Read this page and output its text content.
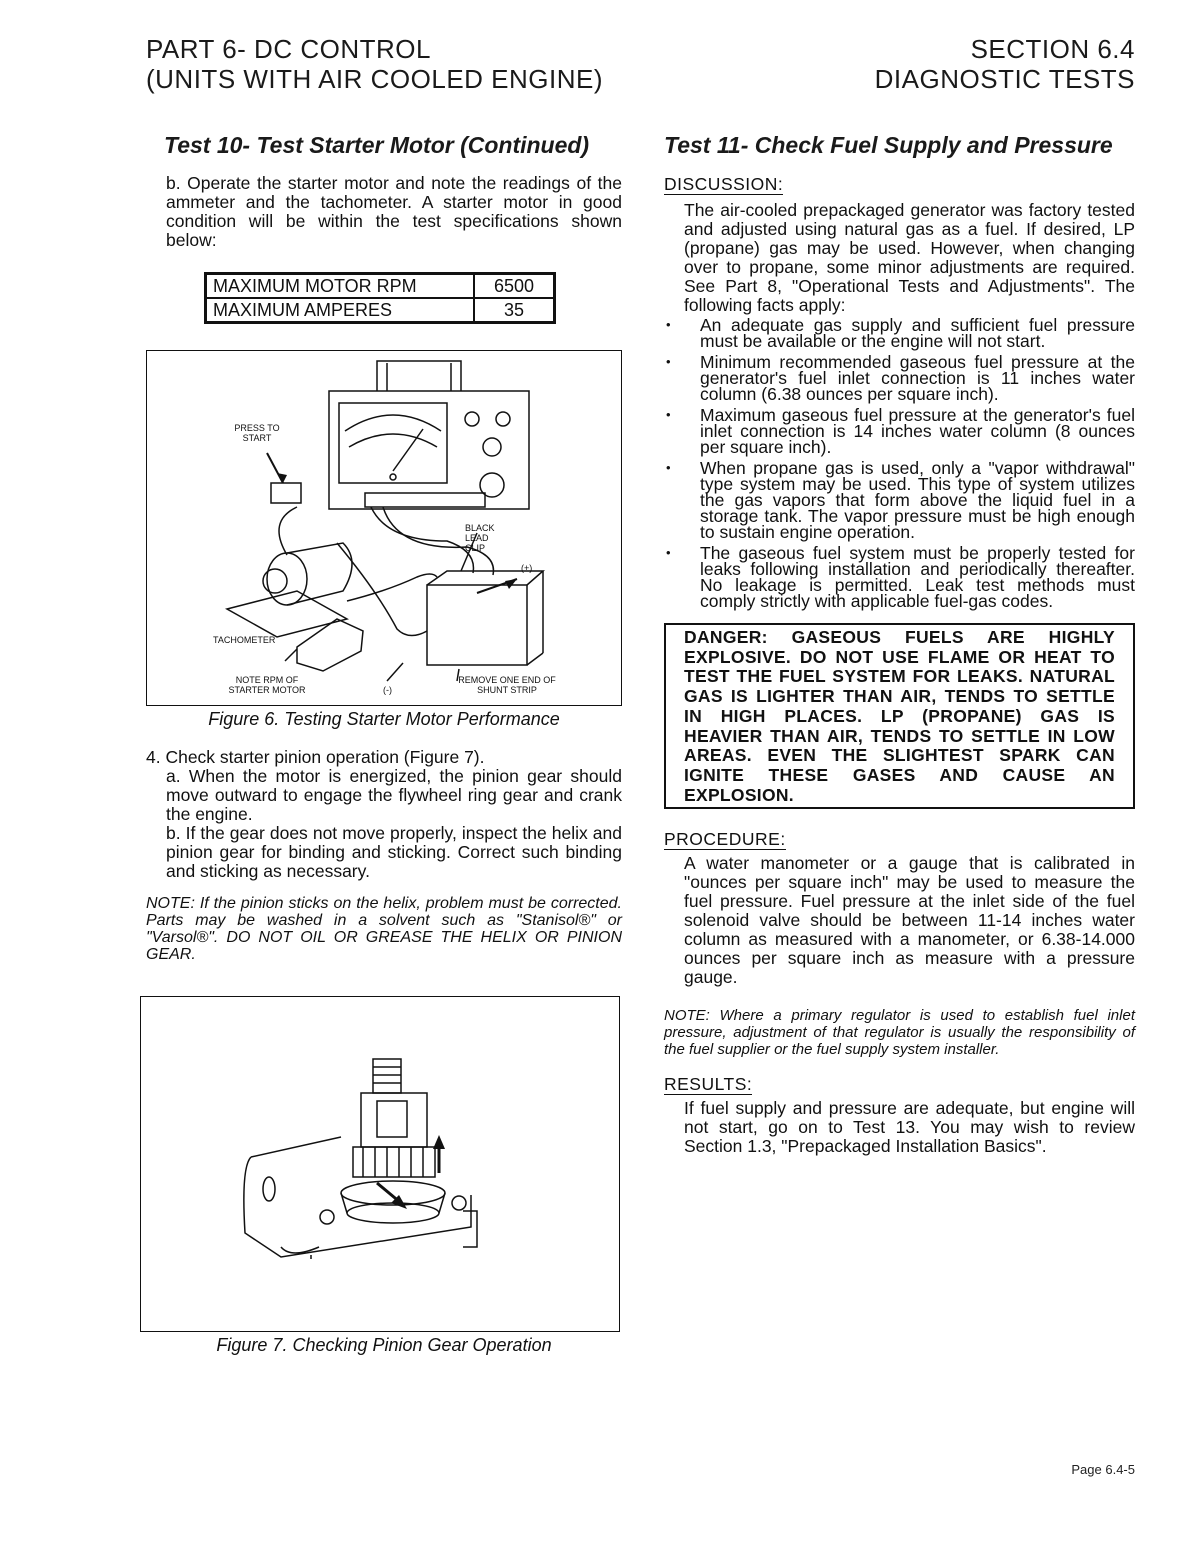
PART 6- DC CONTROL
(UNITS WITH AIR COOLED ENGINE)
SECTION 6.4
DIAGNOSTIC TESTS
Test 10- Test Starter Motor (Continued)

b. Operate the starter motor and note the readings of the ammeter and the tachometer. A starter motor in good condition will be within the test specifications shown below:

MAXIMUM MOTOR RPM	6500
MAXIMUM AMPERES	35
PRESS TO
START
BLACK
LEAD
CLIP
(+)
TACHOMETER
NOTE RPM OF
STARTER MOTOR	(-)
REMOVE ONE END OF
SHUNT STRIP
Figure 6. Testing Starter Motor Performance

4. Check starter pinion operation (Figure 7).

a. When the motor is energized, the pinion gear should move outward to engage the flywheel ring gear and crank the engine.

b. If the gear does not move properly, inspect the helix and pinion gear for binding and sticking. Correct such binding and sticking as necessary.

NOTE: If the pinion sticks on the helix, problem must be corrected. Parts may be washed in a solvent such as "Stanisol®" or "Varsol®". DO NOT OIL OR GREASE THE HELIX OR PINION GEAR.

Figure 7. Checking Pinion Gear Operation
Test 11- Check Fuel Supply and Pressure
DISCUSSION:

The air-cooled prepackaged generator was factory tested and adjusted using natural gas as a fuel. If desired, LP (propane) gas may be used. However, when changing over to propane, some minor adjustments are required. See Part 8, "Operational Tests and Adjustments". The following facts apply:

• An adequate gas supply and sufficient fuel pressure must be available or the engine will not start.
• Minimum recommended gaseous fuel pressure at the generator's fuel inlet connection is 11 inches water column (6.38 ounces per square inch).
• Maximum gaseous fuel pressure at the generator's fuel inlet connection is 14 inches water column (8 ounces per square inch).
• When propane gas is used, only a "vapor withdrawal" type system may be used. This type of system utilizes the gas vapors that form above the liquid fuel in a storage tank. The vapor pressure must be high enough to sustain engine operation.
• The gaseous fuel system must be properly tested for leaks following installation and periodically thereafter. No leakage is permitted. Leak test methods must comply strictly with applicable fuel-gas codes.
DANGER: GASEOUS FUELS ARE HIGHLY EXPLOSIVE. DO NOT USE FLAME OR HEAT TO TEST THE FUEL SYSTEM FOR LEAKS. NATURAL GAS IS LIGHTER THAN AIR, TENDS TO SETTLE IN HIGH PLACES. LP (PROPANE) GAS IS HEAVIER THAN AIR, TENDS TO SETTLE IN LOW AREAS. EVEN THE SLIGHTEST SPARK CAN IGNITE THESE GASES AND CAUSE AN EXPLOSION.
PROCEDURE:

A water manometer or a gauge that is calibrated in "ounces per square inch" may be used to measure the fuel pressure. Fuel pressure at the inlet side of the fuel solenoid valve should be between 11-14 inches water column as measured with a manometer, or 6.38-14.000 ounces per square inch as measure with a pressure gauge.

NOTE: Where a primary regulator is used to establish fuel inlet pressure, adjustment of that regulator is usually the responsibility of the fuel supplier or the fuel supply system installer.

RESULTS:

If fuel supply and pressure are adequate, but engine will not start, go on to Test 13. You may wish to review Section 1.3, "Prepackaged Installation Basics".

Page 6.4-5
